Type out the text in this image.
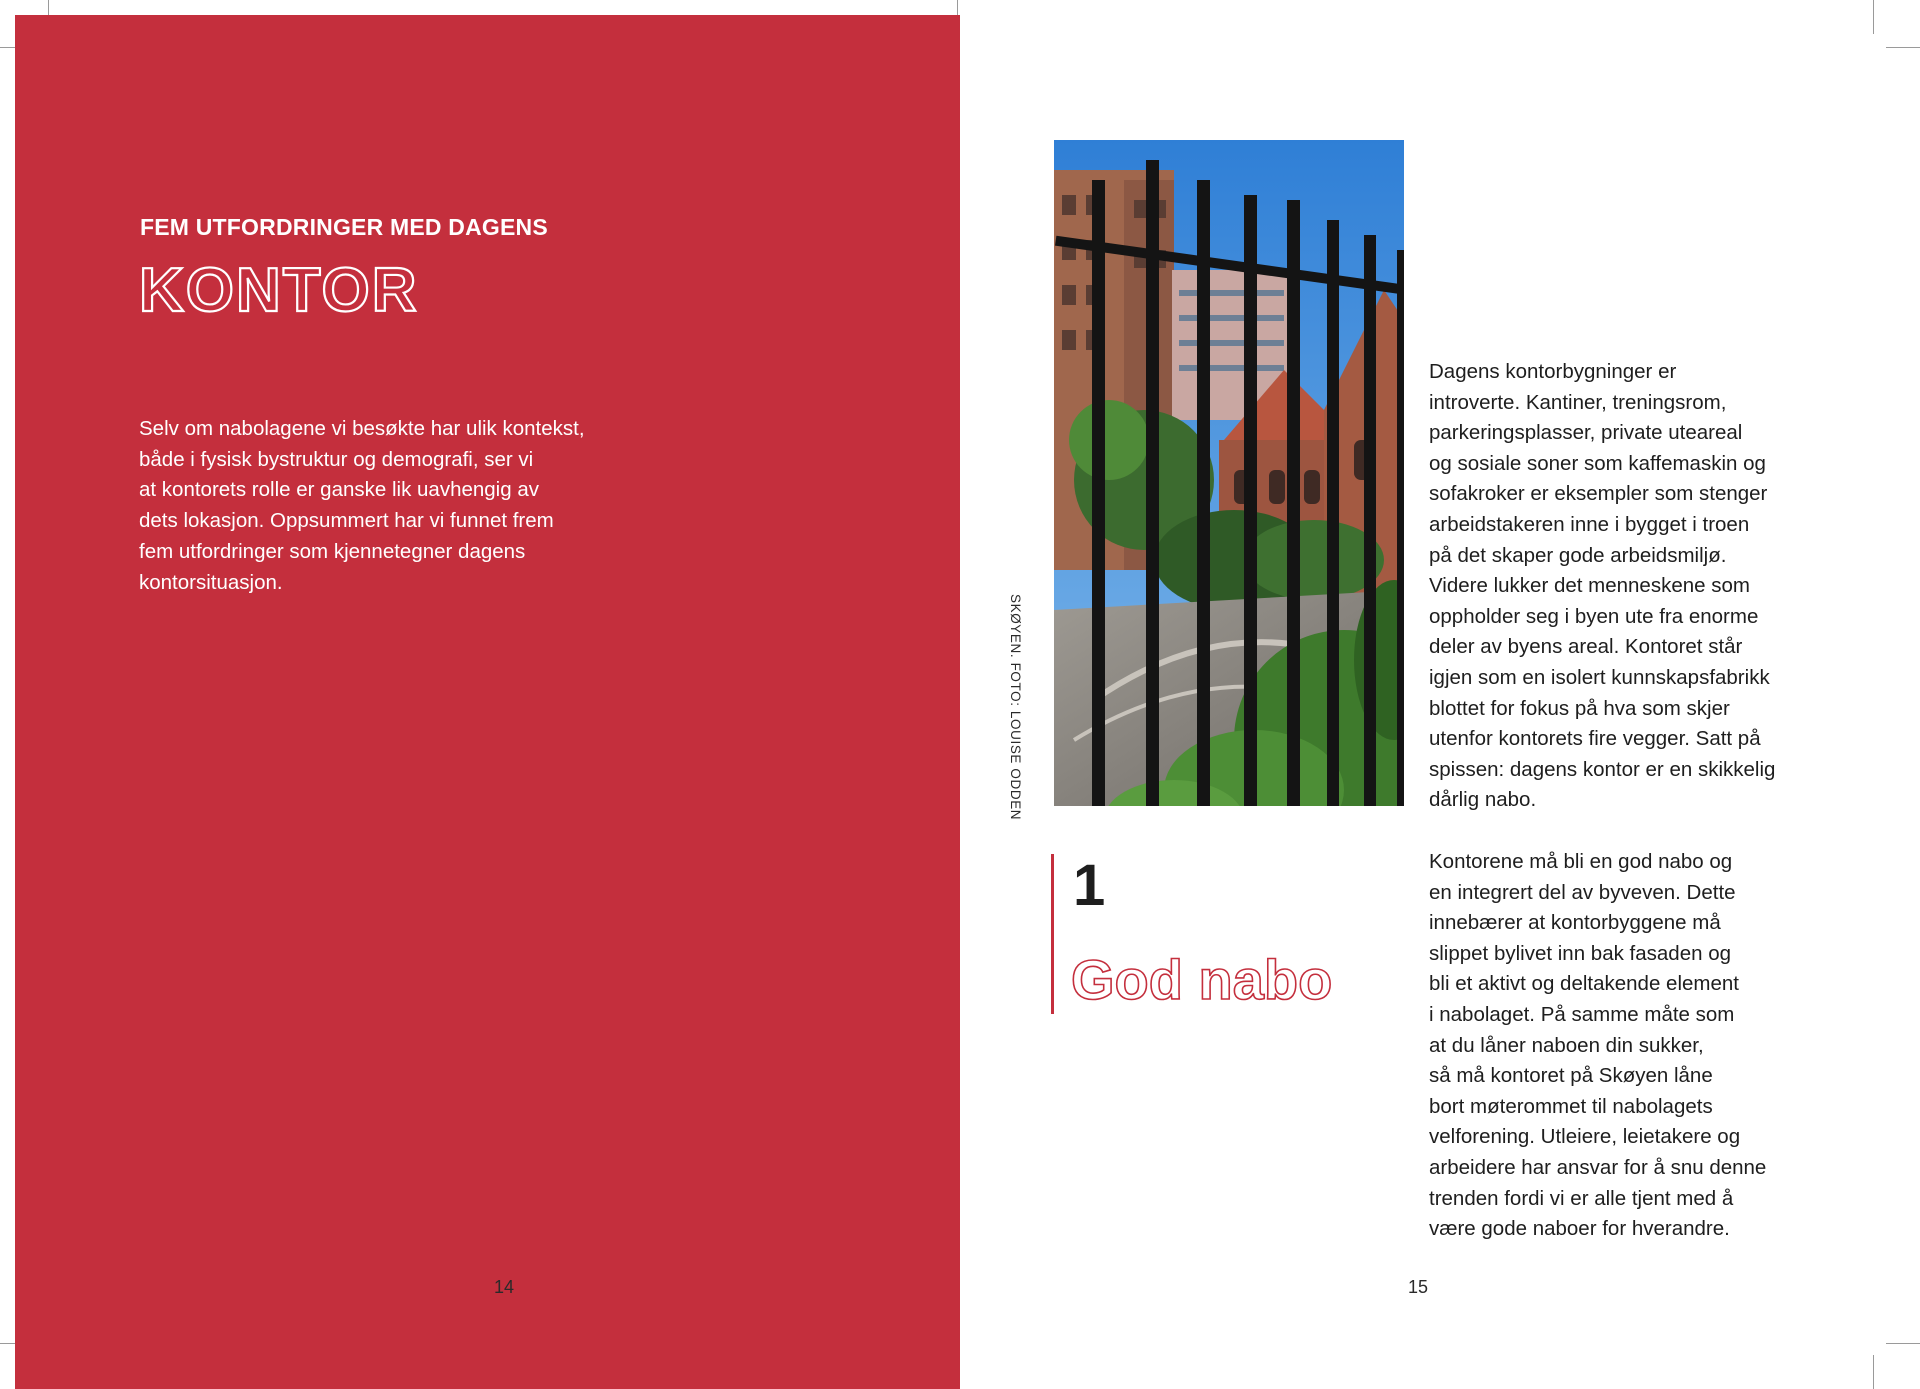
FEM UTFORDRINGER MED DAGENS
KONTOR

Selv om nabolagene vi besøkte har ulik kontekst,
både i fysisk bystruktur og demografi, ser vi
at kontorets rolle er ganske lik uavhengig av
dets lokasjon. Oppsummert har vi funnet frem
fem utfordringer som kjennetegner dagens
kontorsituasjon.

14
SKØYEN. FOTO: LOUISE ODDEN
1
God nabo

Dagens kontorbygninger er
introverte. Kantiner, treningsrom,
parkeringsplasser, private uteareal
og sosiale soner som kaffemaskin og
sofakroker er eksempler som stenger
arbeidstakeren inne i bygget i troen
på det skaper gode arbeidsmiljø.
Videre lukker det menneskene som
oppholder seg i byen ute fra enorme
deler av byens areal. Kontoret står
igjen som en isolert kunnskapsfabrikk
blottet for fokus på hva som skjer
utenfor kontorets fire vegger. Satt på
spissen: dagens kontor er en skikkelig
dårlig nabo.

Kontorene må bli en god nabo og
en integrert del av byveven. Dette
innebærer at kontorbyggene må
slippet bylivet inn bak fasaden og
bli et aktivt og deltakende element
i nabolaget. På samme måte som
at du låner naboen din sukker,
så må kontoret på Skøyen låne
bort møterommet til nabolagets
velforening. Utleiere, leietakere og
arbeidere har ansvar for å snu denne
trenden fordi vi er alle tjent med å
være gode naboer for hverandre.

15
